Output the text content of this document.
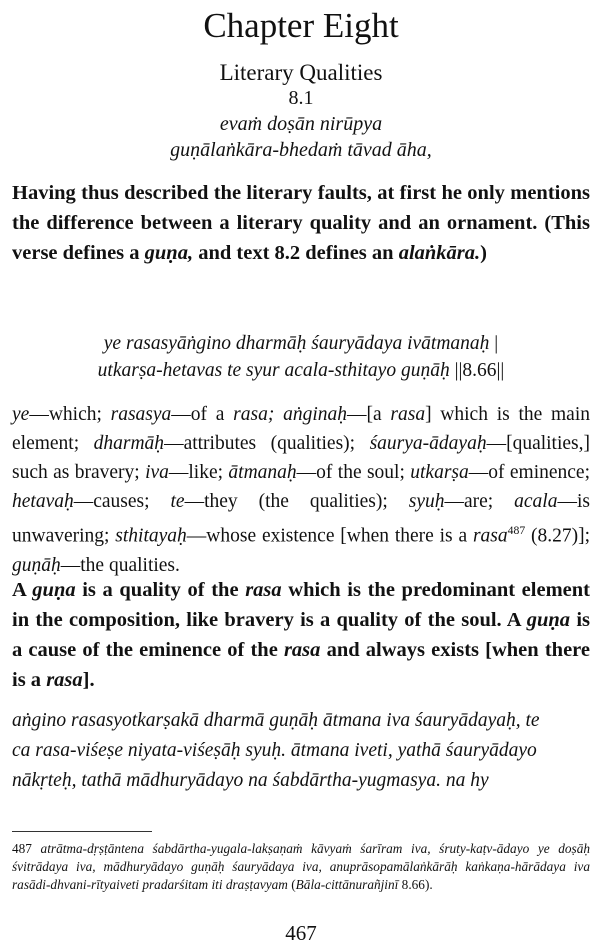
Chapter Eight
Literary Qualities
8.1
evaṁ doṣān nirūpya
guṇālaṅkāra-bhedaṁ tāvad āha,
Having thus described the literary faults, at first he only mentions the difference between a literary quality and an ornament. (This verse defines a guṇa, and text 8.2 defines an alaṅkāra.)
ye rasasyāṅgino dharmāḥ śauryādaya ivātmanaḥ |
utkarṣa-hetavas te syur acala-sthitayo guṇāḥ ||8.66||
ye—which; rasasya—of a rasa; aṅginaḥ—[a rasa] which is the main element; dharmāḥ—attributes (qualities); śaurya-ādayaḥ—[qualities,] such as bravery; iva—like; ātmanaḥ—of the soul; utkarṣa—of eminence; hetavaḥ—causes; te—they (the qualities); syuḥ—are; acala—is unwavering; sthitayaḥ—whose existence [when there is a rasa$^{487}$ (8.27)]; guṇāḥ—the qualities.
A guṇa is a quality of the rasa which is the predominant element in the composition, like bravery is a quality of the soul. A guṇa is a cause of the eminence of the rasa and always exists [when there is a rasa].
aṅgino rasasyotkarṣakā dharmā guṇāḥ ātmana iva śauryādayaḥ, te
ca rasa-viśeṣe niyata-viśeṣāḥ syuḥ. ātmana iveti, yathā śauryādayo
nākṛteḥ, tathā mādhuryādayo na śabdārtha-yugmasya. na hy
487 atrātma-dṛṣṭāntena śabdārtha-yugala-lakṣaṇaṁ kāvyaṁ śarīram iva, śruty-kaṭv-ādayo ye doṣāḥ śvitrādaya iva, mādhuryādayo guṇāḥ śauryādaya iva, anuprāsopamālaṅkārāḥ kaṅkaṇa-hārādaya iva rasādi-dhvani-rītyaiveti pradarśitam iti draṣṭavyam (Bāla-cittānurañjinī 8.66).
467
